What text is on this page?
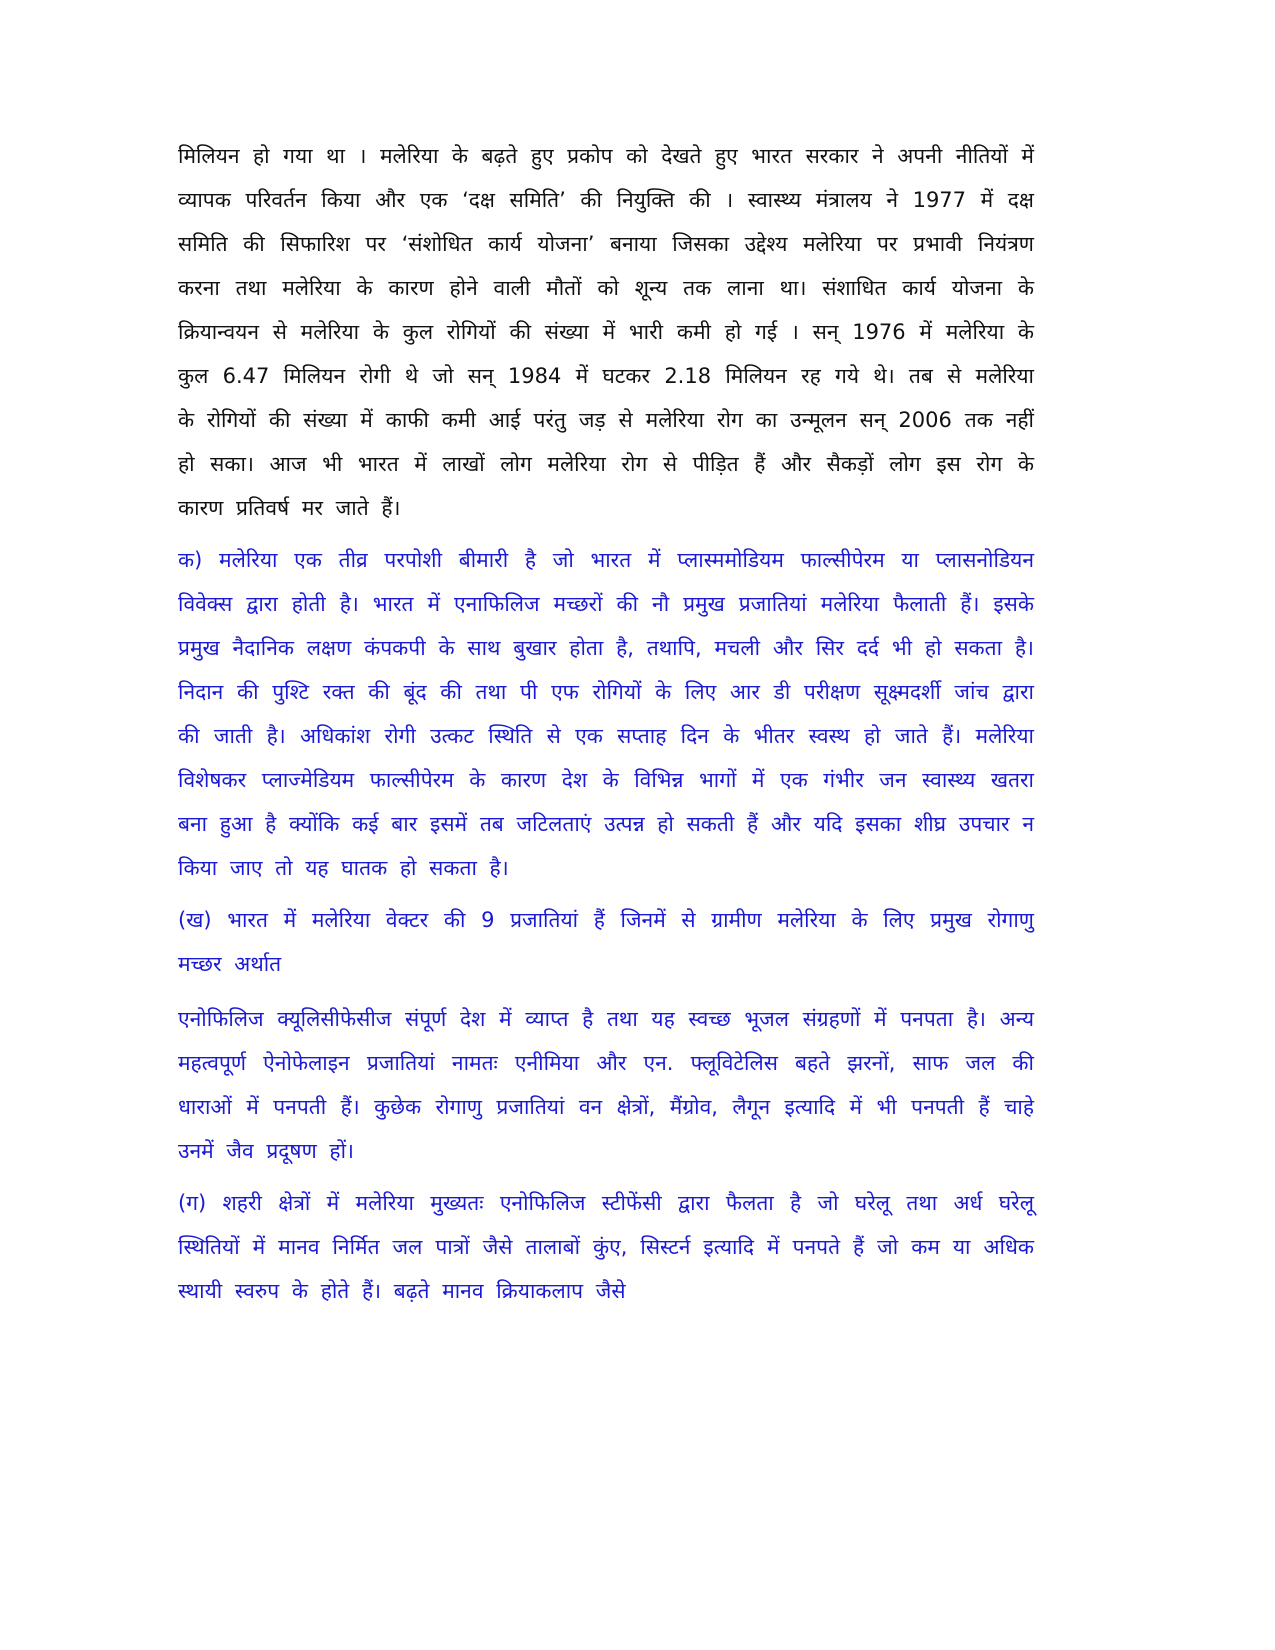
मिलियन हो गया था । मलेरिया के बढ़ते हुए प्रकोप को देखते हुए भारत सरकार ने अपनी नीतियों में व्यापक परिवर्तन किया और एक ‘दक्ष समिति’ की नियुक्ति की । स्वास्थ्य मंत्रालय ने 1977 में दक्ष समिति की सिफारिश पर ‘संशोधित कार्य योजना’ बनाया जिसका उद्देश्य मलेरिया पर प्रभावी नियंत्रण करना तथा मलेरिया के कारण होने वाली मौतों को शून्य तक लाना था। संशाधित कार्य योजना के क्रियान्वयन से मलेरिया के कुल रोगियों की संख्या में भारी कमी हो गई । सन् 1976 में मलेरिया के कुल 6.47 मिलियन रोगी थे जो सन् 1984 में घटकर 2.18 मिलियन रह गये थे। तब से मलेरिया के रोगियों की संख्या में काफी कमी आई परंतु जड़ से मलेरिया रोग का उन्मूलन सन् 2006 तक नहीं हो सका। आज भी भारत में लाखों लोग मलेरिया रोग से पीड़ित हैं और सैकड़ों लोग इस रोग के कारण प्रतिवर्ष मर जाते हैं।

क) मलेरिया एक तीव्र परपोशी बीमारी है जो भारत में प्लास्ममोडियम फाल्सीपेरम या प्लासनोडियन विवेक्स द्वारा होती है। भारत में एनाफिलिज मच्छरों की नौ प्रमुख प्रजातियां मलेरिया फैलाती हैं। इसके प्रमुख नैदानिक लक्षण कंपकपी के साथ बुखार होता है, तथापि, मचली और सिर दर्द भी हो सकता है। निदान की पुश्टि रक्त की बूंद की तथा पी एफ रोगियों के लिए आर डी परीक्षण सूक्ष्मदर्शी जांच द्वारा की जाती है। अधिकांश रोगी उत्कट स्थिति से एक सप्ताह दिन के भीतर स्वस्थ हो जाते हैं। मलेरिया विशेषकर प्लाज्मेडियम फाल्सीपेरम के कारण देश के विभिन्न भागों में एक गंभीर जन स्वास्थ्य खतरा बना हुआ है क्योंकि कई बार इसमें तब जटिलताएं उत्पन्न हो सकती हैं और यदि इसका शीघ्र उपचार न किया जाए तो यह घातक हो सकता है।

(ख) भारत में मलेरिया वेक्टर की 9 प्रजातियां हैं जिनमें से ग्रामीण मलेरिया के लिए प्रमुख रोगाणु मच्छर अर्थात

एनोफिलिज क्यूलिसीफेसीज संपूर्ण देश में व्याप्त है तथा यह स्वच्छ भूजल संग्रहणों में पनपता है। अन्य महत्वपूर्ण ऐनोफेलाइन प्रजातियां नामतः एनीमिया और एन. फ्लूविटेलिस बहते झरनों, साफ जल की धाराओं में पनपती हैं। कुछेक रोगाणु प्रजातियां वन क्षेत्रों, मैंग्रोव, लैगून इत्यादि में भी पनपती हैं चाहे उनमें जैव प्रदूषण हों।

(ग) शहरी क्षेत्रों में मलेरिया मुख्यतः एनोफिलिज स्टीफेंसी द्वारा फैलता है जो घरेलू तथा अर्ध घरेलू स्थितियों में मानव निर्मित जल पात्रों जैसे तालाबों कुंए, सिस्टर्न इत्यादि में पनपते हैं जो कम या अधिक स्थायी स्वरुप के होते हैं। बढ़ते मानव क्रियाकलाप जैसे
